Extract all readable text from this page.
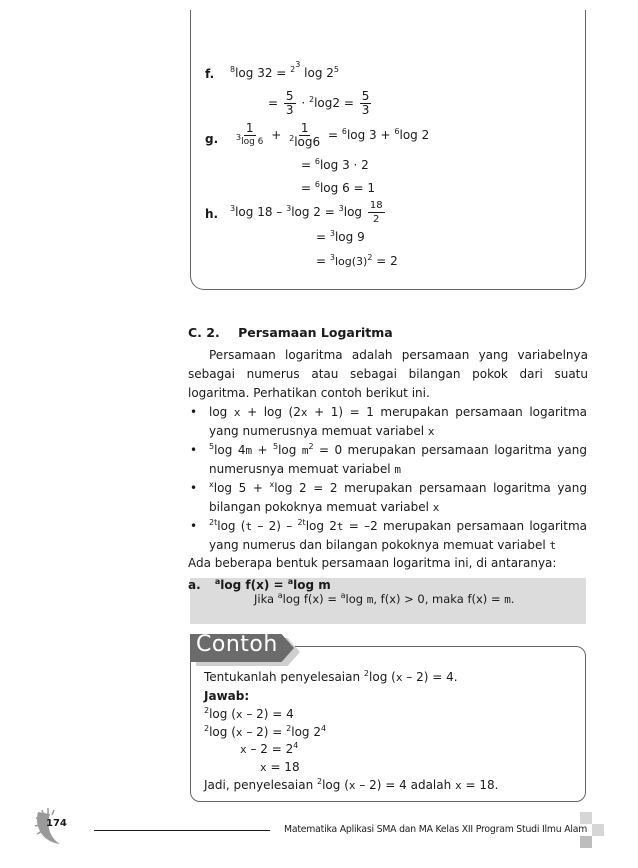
f. $^8$log 32 = $^{23}$ $\log 2^5$
= $\frac{5}{3} \cdot ^2\log 2 = \frac{5}{3}$
g. $\frac{1}{^3\log 6} + \frac{1}{^2\log 6} = ^6\log$ 3 + $^6$log 2
= $^6$log 3 · 2
= $^6$log 6 = 1
h. $^3$log 18 – $^3$log $2 = ^3\log \frac{18}{2}$
= $^3$log 9
= $^3\log(3)^2 = 2$
C. 2. Persamaan Logaritma
Persamaan logaritma adalah persamaan yang variabelnya sebagai numerus atau sebagai bilangan pokok dari suatu logaritma. Perhatikan contoh berikut ini.
• log x + log (2x + 1) = 1 merupakan persamaan logaritma yang numerusnya memuat variabel x
• $^5$log 4m + $^5$log $m^2 = 0$ merupakan persamaan logaritma yang numerusnya memuat variabel m
• $^x$log 5 + $^x$log 2 = 2 merupakan persamaan logaritma yang bilangan pokoknya memuat variabel x
• $^{2t}$log (t – 2) – $^{2t}$log 2t = –2 merupakan persamaan logaritma yang numerus dan bilangan pokoknya memuat variabel t
Ada beberapa bentuk persamaan logaritma ini, di antaranya:
a. $^a$log f(x) = $^a$log m
Jika $^a$log f(x) = $^a$log m, f(x) > 0, maka f(x) = m.
Contoh
Tentukanlah penyelesaian $^2$log (x – 2) = 4.
Jawab:
$^2$log (x – 2) = 4
$^2$log (x – 2) = $^2$log $2^4$
$x - 2 = 2^4$
x = 18
Jadi, penyelesaian $^2$log (x – 2) = 4 adalah x = 18.
174
Matematika Aplikasi SMA dan MA Kelas XII Program Studi Ilmu Alam
